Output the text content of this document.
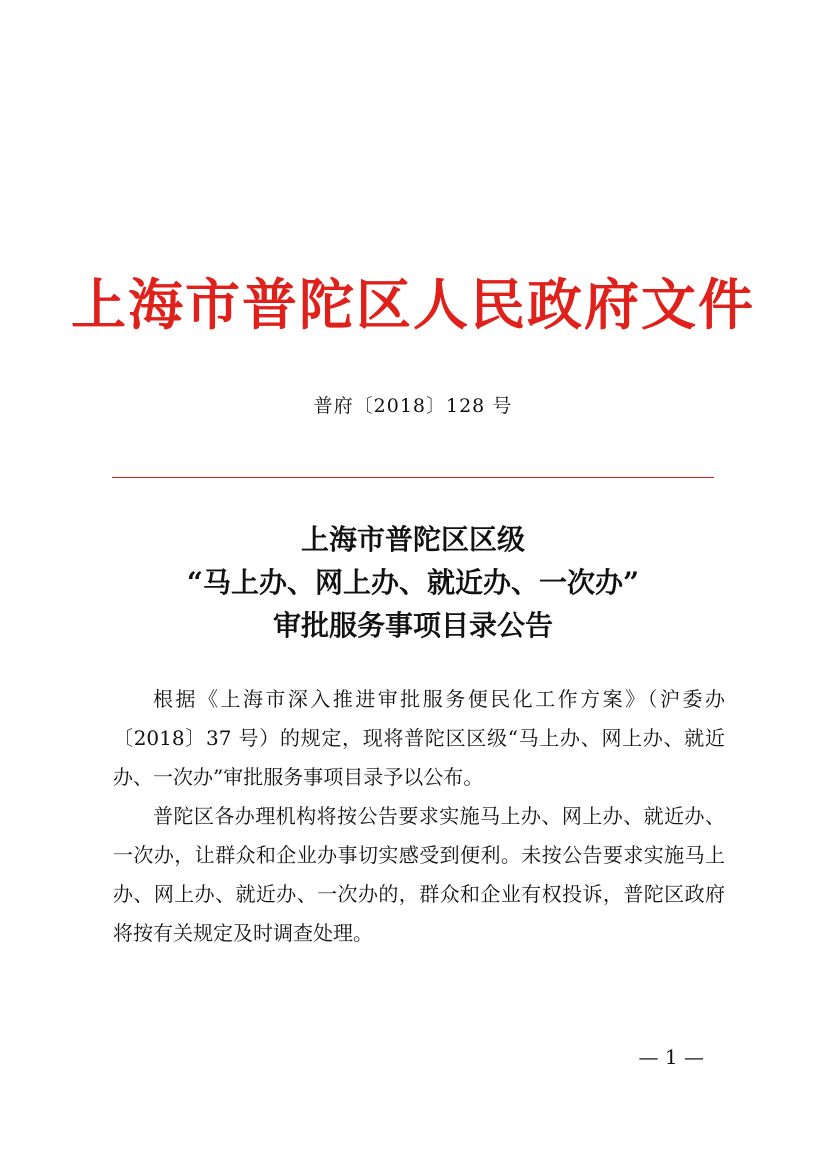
上海市普陀区人民政府文件
普府〔2018〕128 号
上海市普陀区区级
“马上办、网上办、就近办、一次办”
审批服务事项目录公告

根据《上海市深入推进审批服务便民化工作方案》（沪委办〔2018〕37 号）的规定，现将普陀区区级“马上办、网上办、就近办、一次办”审批服务事项目录予以公布。

普陀区各办理机构将按公告要求实施马上办、网上办、就近办、一次办，让群众和企业办事切实感受到便利。未按公告要求实施马上办、网上办、就近办、一次办的，群众和企业有权投诉，普陀区政府将按有关规定及时调查处理。

— 1 —
